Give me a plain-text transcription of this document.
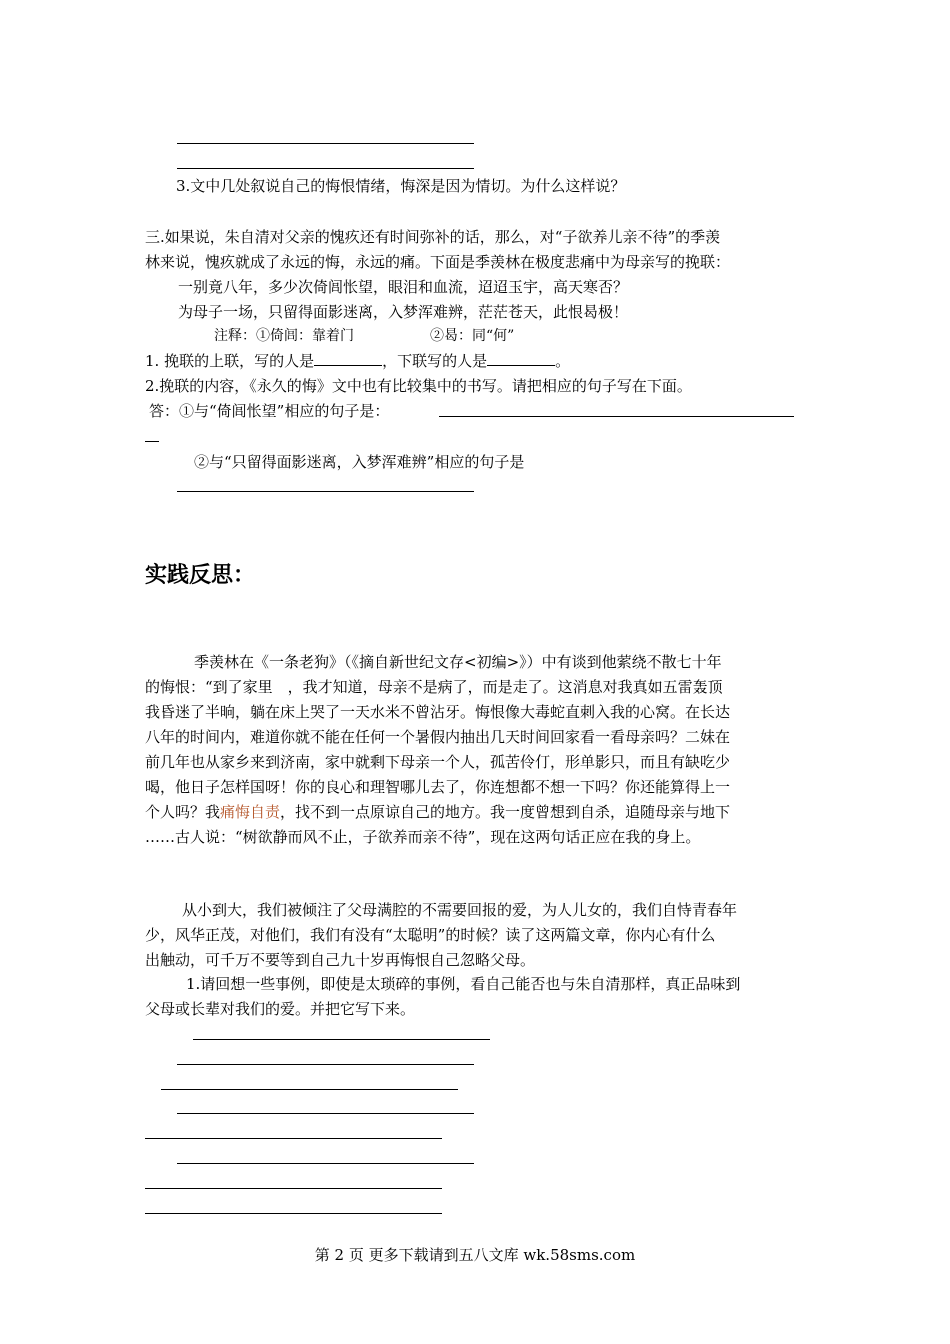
3.文中几处叙说自己的悔恨情绪，悔深是因为情切。为什么这样说？
三.如果说，朱自清对父亲的愧疚还有时间弥补的话，那么，对“子欲养儿亲不待”的季羡
林来说，愧疚就成了永远的悔，永远的痛。下面是季羡林在极度悲痛中为母亲写的挽联：
一别竟八年，多少次倚闾怅望，眼泪和血流，迢迢玉宇，高天寒否？
为母子一场，只留得面影迷离，入梦浑难辨，茫茫苍天，此恨曷极！
注释：①倚闾：靠着门	②曷：同“何”
1. 挽联的上联，写的人是	，下联写的人是	。
2.挽联的内容，《永久的悔》文中也有比较集中的书写。请把相应的句子写在下面。
答：①与“倚闾怅望”相应的句子是：
②与“只留得面影迷离，入梦浑难辨”相应的句子是
实践反思：
季羡林在《一条老狗》（《摘自新世纪文存<初编>》）中有谈到他萦绕不散七十年
的悔恨：“到了家里　，我才知道，母亲不是病了，而是走了。这消息对我真如五雷轰顶
我昏迷了半晌，躺在床上哭了一天水米不曾沾牙。悔恨像大毒蛇直刺入我的心窝。在长达
八年的时间内，难道你就不能在任何一个暑假内抽出几天时间回家看一看母亲吗？二妹在
前几年也从家乡来到济南，家中就剩下母亲一个人，孤苦伶仃，形单影只，而且有缺吃少
喝，他日子怎样国呀！你的良心和理智哪儿去了，你连想都不想一下吗？你还能算得上一
个人吗？我痛悔自责，找不到一点原谅自己的地方。我一度曾想到自杀，追随母亲与地下
……古人说：“树欲静而风不止，子欲养而亲不待”，现在这两句话正应在我的身上。
从小到大，我们被倾注了父母满腔的不需要回报的爱，为人儿女的，我们自恃青春年
少，风华正茂，对他们，我们有没有“太聪明”的时候？读了这两篇文章，你内心有什么
出触动，可千万不要等到自己九十岁再悔恨自己忽略父母。
1.请回想一些事例，即使是太琐碎的事例，看自己能否也与朱自清那样，真正品味到
父母或长辈对我们的爱。并把它写下来。
第 2 页 更多下载请到五八文库 wk.58sms.com
